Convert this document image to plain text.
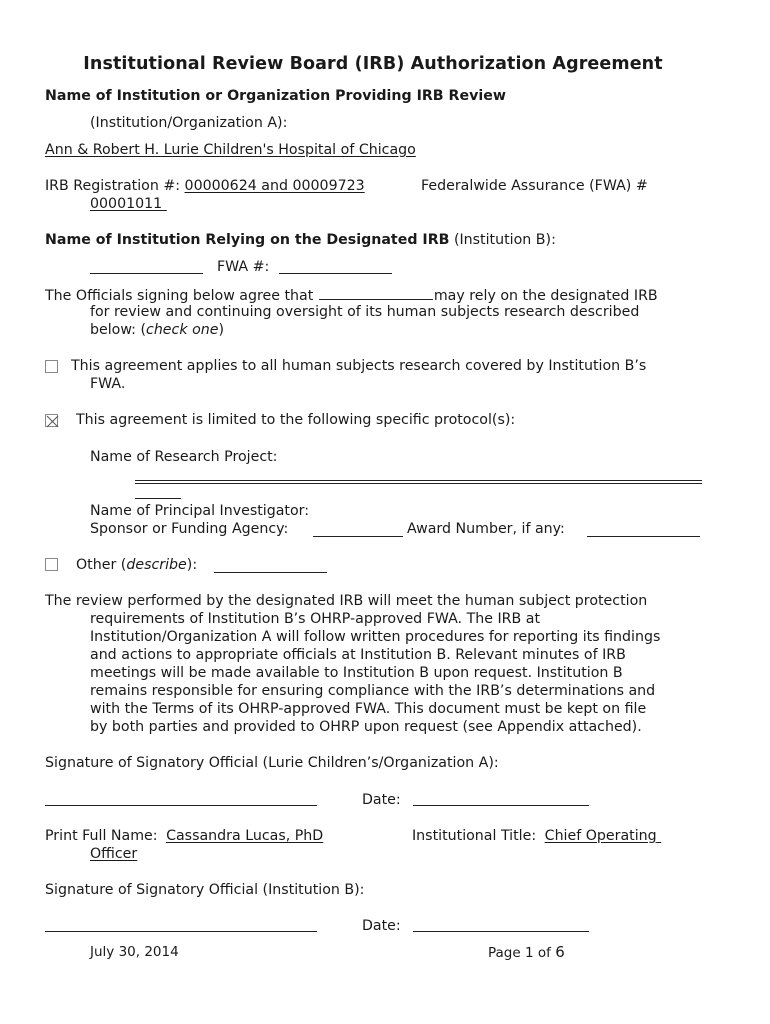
Institutional Review Board (IRB) Authorization Agreement
Name of Institution or Organization Providing IRB Review
(Institution/Organization A):
Ann & Robert H. Lurie Children's Hospital of Chicago
IRB Registration #: 00000624 and 00009723	Federalwide Assurance (FWA) #
00001011
Name of Institution Relying on the Designated IRB (Institution B):
FWA #:
The Officials signing below agree that	may rely on the designated IRB
for review and continuing oversight of its human subjects research described
below: (check one)
This agreement applies to all human subjects research covered by Institution B’s
FWA.
This agreement is limited to the following specific protocol(s):
Name of Research Project:
Name of Principal Investigator:
Sponsor or Funding Agency:	Award Number, if any:
Other (describe):
The review performed by the designated IRB will meet the human subject protection
requirements of Institution B’s OHRP-approved FWA. The IRB at
Institution/Organization A will follow written procedures for reporting its findings
and actions to appropriate officials at Institution B. Relevant minutes of IRB
meetings will be made available to Institution B upon request. Institution B
remains responsible for ensuring compliance with the IRB’s determinations and
with the Terms of its OHRP-approved FWA. This document must be kept on file
by both parties and provided to OHRP upon request (see Appendix attached).
Signature of Signatory Official (Lurie Children’s/Organization A):
Date:
Print Full Name: Cassandra Lucas, PhD	Institutional Title: Chief Operating
Officer
Signature of Signatory Official (Institution B):
Date:
July 30, 2014	Page 1 of 6
